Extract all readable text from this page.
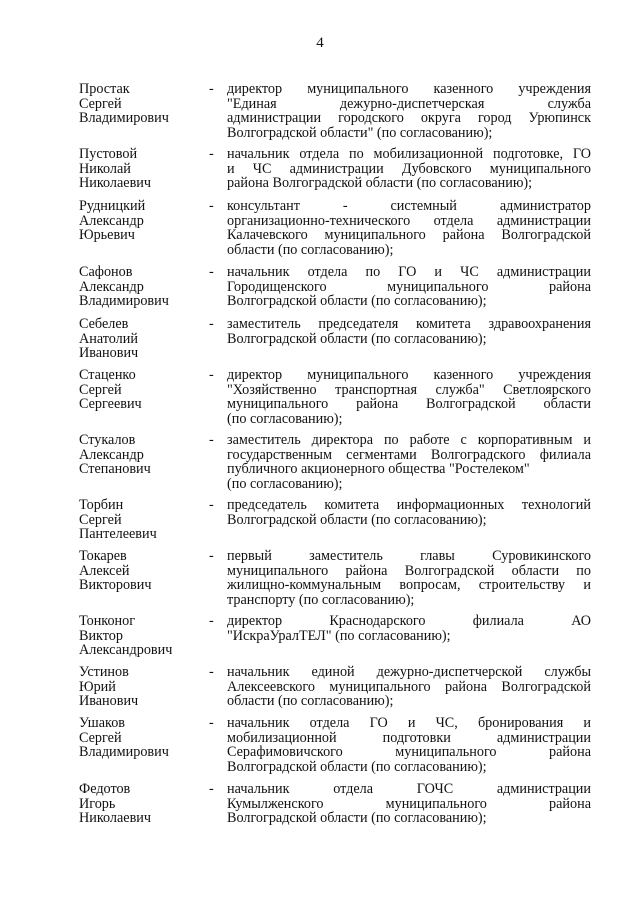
4
Простак
Сергей
Владимирович
- директор муниципального казенного учреждения
"Единая дежурно-диспетчерская служба
администрации городского округа город Урюпинск
Волгоградской области" (по согласованию);
Пустовой
Николай
Николаевич
- начальник отдела по мобилизационной подготовке, ГО
и ЧС администрации Дубовского муниципального
района Волгоградской области (по согласованию);
Рудницкий
Александр
Юрьевич
- консультант - системный администратор
организационно-технического отдела администрации
Калачевского муниципального района Волгоградской
области (по согласованию);
Сафонов
Александр
Владимирович
- начальник отдела по ГО и ЧС администрации
Городищенского муниципального района
Волгоградской области (по согласованию);
Себелев
Анатолий
Иванович
- заместитель председателя комитета здравоохранения
Волгоградской области (по согласованию);
Стаценко
Сергей
Сергеевич
- директор муниципального казенного учреждения
"Хозяйственно транспортная служба" Светлоярского
муниципального района Волгоградской области
(по согласованию);
Стукалов
Александр
Степанович
- заместитель директора по работе с корпоративным и
государственным сегментами Волгоградского филиала
публичного акционерного общества "Ростелеком"
(по согласованию);
Торбин
Сергей
Пантелеевич
- председатель комитета информационных технологий
Волгоградской области (по согласованию);
Токарев
Алексей
Викторович
- первый заместитель главы Суровикинского
муниципального района Волгоградской области по
жилищно-коммунальным вопросам, строительству и
транспорту (по согласованию);
Тонконог
Виктор
Александрович
- директор Краснодарского филиала АО
"ИскраУралТЕЛ" (по согласованию);
Устинов
Юрий
Иванович
- начальник единой дежурно-диспетчерской службы
Алексеевского муниципального района Волгоградской
области (по согласованию);
Ушаков
Сергей
Владимирович
- начальник отдела ГО и ЧС, бронирования и
мобилизационной подготовки администрации
Серафимовичского муниципального района
Волгоградской области (по согласованию);
Федотов
Игорь
Николаевич
- начальник отдела ГОЧС администрации
Кумылженского муниципального района
Волгоградской области (по согласованию);
